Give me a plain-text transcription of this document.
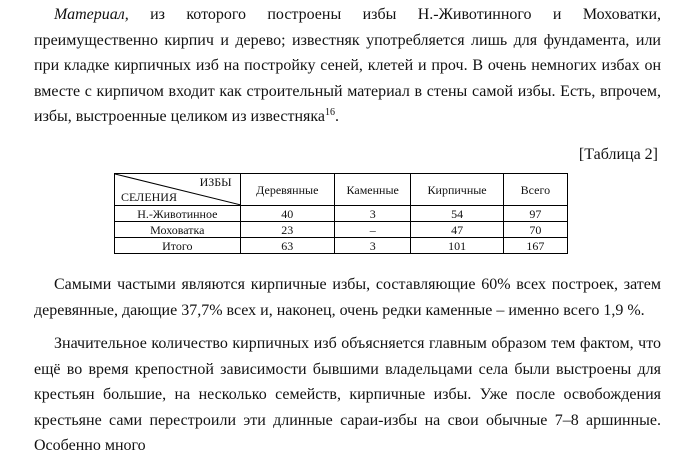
Материал, из которого построены избы Н.-Животинного и Моховатки, преимущественно кирпич и дерево; известняк употребляется лишь для фундамента, или при кладке кирпичных изб на постройку сеней, клетей и проч. В очень немногих избах он вместе с кирпичом входит как строительный материал в стены самой избы. Есть, впрочем, избы, выстроенные целиком из известняка$^{16}$.

[Таблица 2]
ИЗБЫ
СЕЛЕНИЯ	Деревянные	Каменные	Кирпичные	Всего
Н.-Животинное	40	3	54	97
Моховатка	23	–	47	70
Итого	63	3	101	167

Самыми частыми являются кирпичные избы, составляющие 60% всех построек, затем деревянные, дающие 37,7% всех и, наконец, очень редки каменные – именно всего 1,9 %.

Значительное количество кирпичных изб объясняется главным образом тем фактом, что ещё во время крепостной зависимости бывшими владельцами села были выстроены для крестьян большие, на несколько семейств, кирпичные избы. Уже после освобождения крестьяне сами перестроили эти длинные сараи-избы на свои обычные 7–8 аршинные. Особенно много
